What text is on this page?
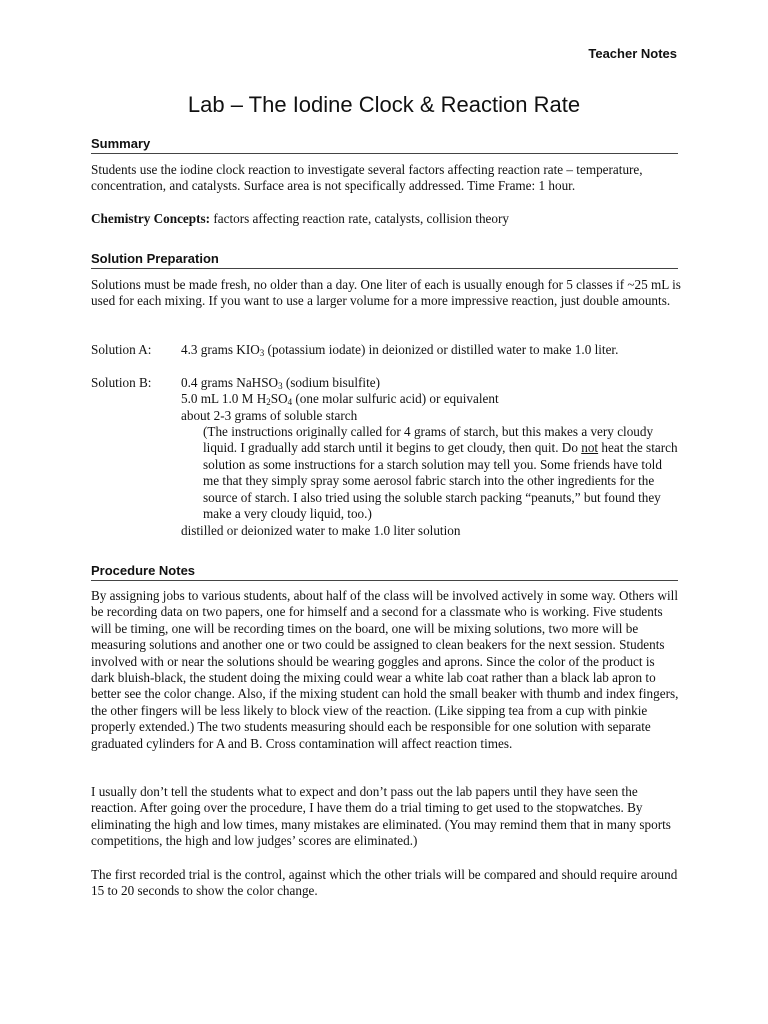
Teacher Notes
Lab – The Iodine Clock & Reaction Rate
Summary
Students use the iodine clock reaction to investigate several factors affecting reaction rate – temperature, concentration, and catalysts. Surface area is not specifically addressed. Time Frame: 1 hour.
Chemistry Concepts: factors affecting reaction rate, catalysts, collision theory
Solution Preparation
Solutions must be made fresh, no older than a day. One liter of each is usually enough for 5 classes if ~25 mL is used for each mixing. If you want to use a larger volume for a more impressive reaction, just double amounts.
Solution A: 4.3 grams $KIO_3$ (potassium iodate) in deionized or distilled water to make 1.0 liter.
Solution B: 0.4 grams NaHSO$_3$ (sodium bisulfite)
5.0 mL 1.0 M $H_2SO_4$ (one molar sulfuric acid) or equivalent
about 2-3 grams of soluble starch
(The instructions originally called for 4 grams of starch, but this makes a very cloudy liquid. I gradually add starch until it begins to get cloudy, then quit. Do not heat the starch solution as some instructions for a starch solution may tell you. Some friends have told me that they simply spray some aerosol fabric starch into the other ingredients for the source of starch. I also tried using the soluble starch packing “peanuts,” but found they make a very cloudy liquid, too.)
distilled or deionized water to make 1.0 liter solution
Procedure Notes
By assigning jobs to various students, about half of the class will be involved actively in some way. Others will be recording data on two papers, one for himself and a second for a classmate who is working. Five students will be timing, one will be recording times on the board, one will be mixing solutions, two more will be measuring solutions and another one or two could be assigned to clean beakers for the next session. Students involved with or near the solutions should be wearing goggles and aprons. Since the color of the product is dark bluish-black, the student doing the mixing could wear a white lab coat rather than a black lab apron to better see the color change. Also, if the mixing student can hold the small beaker with thumb and index fingers, the other fingers will be less likely to block view of the reaction. (Like sipping tea from a cup with pinkie properly extended.) The two students measuring should each be responsible for one solution with separate graduated cylinders for A and B. Cross contamination will affect reaction times.
I usually don’t tell the students what to expect and don’t pass out the lab papers until they have seen the reaction. After going over the procedure, I have them do a trial timing to get used to the stopwatches. By eliminating the high and low times, many mistakes are eliminated. (You may remind them that in many sports competitions, the high and low judges’ scores are eliminated.)
The first recorded trial is the control, against which the other trials will be compared and should require around 15 to 20 seconds to show the color change.
